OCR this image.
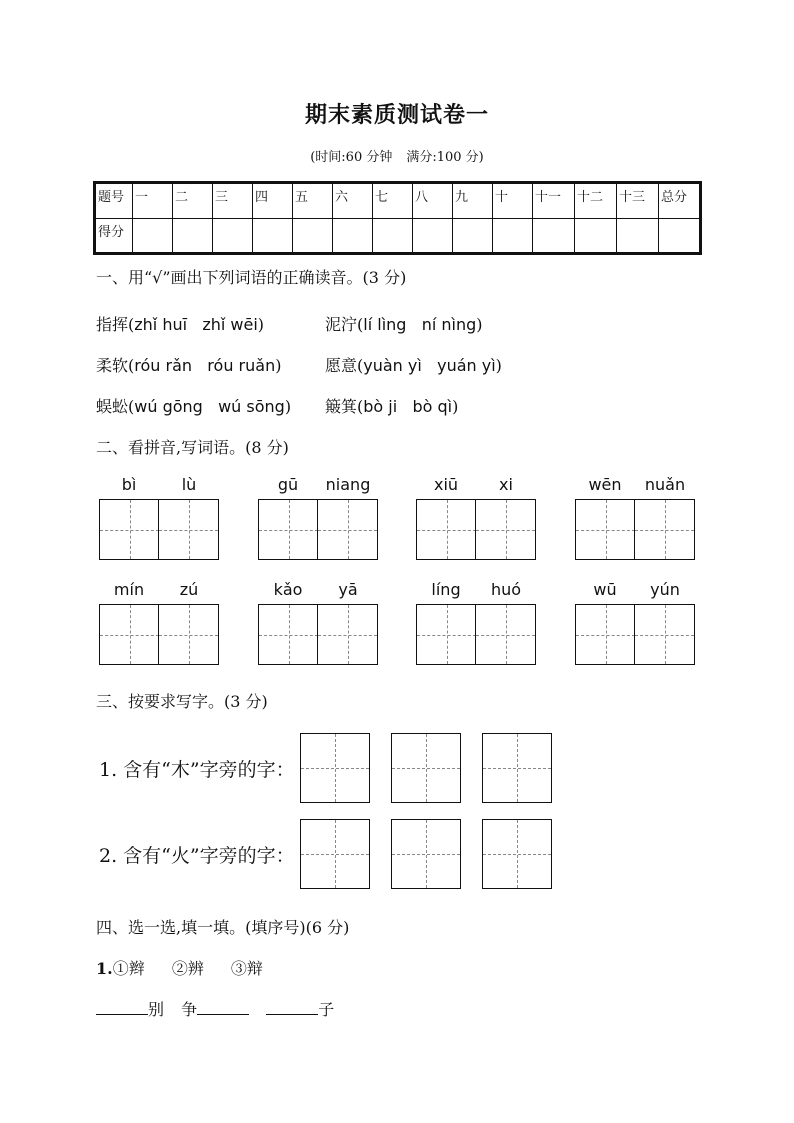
期末素质测试卷一
(时间:60 分钟 满分:100 分)
题号	一	二	三	四	五	六	七	八	九	十	十一	十二	十三	总分
得分														
一、用“√”画出下列词语的正确读音。(3 分)
指挥(zhǐ huī zhǐ wēi)	泥泞(lí lìng ní nìng)
柔软(róu rǎn róu ruǎn)	愿意(yuàn yì yuán yì)
蜈蚣(wú gōng wú sōng) 簸箕(bò ji bò qì)
二、看拼音,写词语。(8 分)
bì	lù	gū	niang	xiū	xi	wēn	nuǎn
mín	zú	kǎo	yā	líng	huó	wū	yún
三、按要求写字。(3 分)
1. 含有“木”字旁的字：
2. 含有“火”字旁的字：
四、选一选,填一填。(填序号)(6 分)
1.①辫 ②辨 ③辩
别 争	子
